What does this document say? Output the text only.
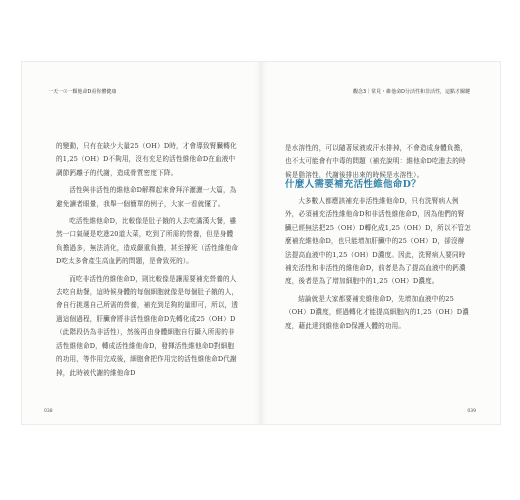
一天一☉一顆他命D看你體健康

的變動，只有在缺少大量25（OH）D時，才會導致腎臟轉化的1,25（OH）D不夠用，沒有充足的活性維他命D在血液中調節鈣離子的代謝，造成骨質密度下降。

活性與非活性的維他命D解釋起來會拜洋灑灑一大篇，為避免讀者眼暈，我舉一個簡單的例子，大家一看就懂了。

吃活性維他命D，比較像是肚子餓的人去吃滿漢大餐，雖然一口氣硬是吃進20道大菜，吃到了所需的營養，但是身體負擔過多，無法消化，造成嚴重負擔，甚至撐死（活性維他命D吃太多會產生高血鈣的問題，是會致死的）。

而吃非活性的維他命D，則比較像是讓需要補充營養的人去吃自助餐，這時候身體的每個細胞就像是每個肚子餓的人，會自行挑選自己所需的營養，補充到足夠的量即可，所以，透過這個過程，肝臟會將非活性維他命D先轉化成25（OH）D（此階段仍為非活性），然後再由身體細胞自行攝入所需的非活性維他命D，轉成活性維他命D，發揮活性維他命D對細胞的功用，等作用完成後，細胞會把作用完的活性維他命D代謝掉，此時被代謝的維他命D

038
觀念3｜常見・維他命D分活性和非活性，這點才關鍵

是水溶性的，可以隨著尿液或汗水排掉，不會造成身體負擔，也不太可能會有中毒的問題（補充說明：維他命D吃進去的時候是脂溶性，代謝後排出來的時候是水溶性）。

什麼人需要補充活性維他命D？

大多數人都應該補充非活性維他命D，只有洗腎病人例外，必須補充活性維他命D和非活性維他命D，因為他們的腎臟已經無法把25（OH）D轉化成1,25（OH）D，所以不管怎麼補充維他命D，也只能增加肝臟中的25（OH）D，卻沒辦法提高血液中的1,25（OH）D濃度。因此，洗腎病人要同時補充活性和非活性的維他命D，前者是為了提高血液中的鈣濃度，後者是為了增加細胞中的1,25（OH）D濃度。

結論就是大家都要補充維他命D，先增加血液中的25（OH）D濃度，經過轉化才能提高細胞內的1,25（OH）D濃度，藉此達到維他命D保護人體的功用。

039
